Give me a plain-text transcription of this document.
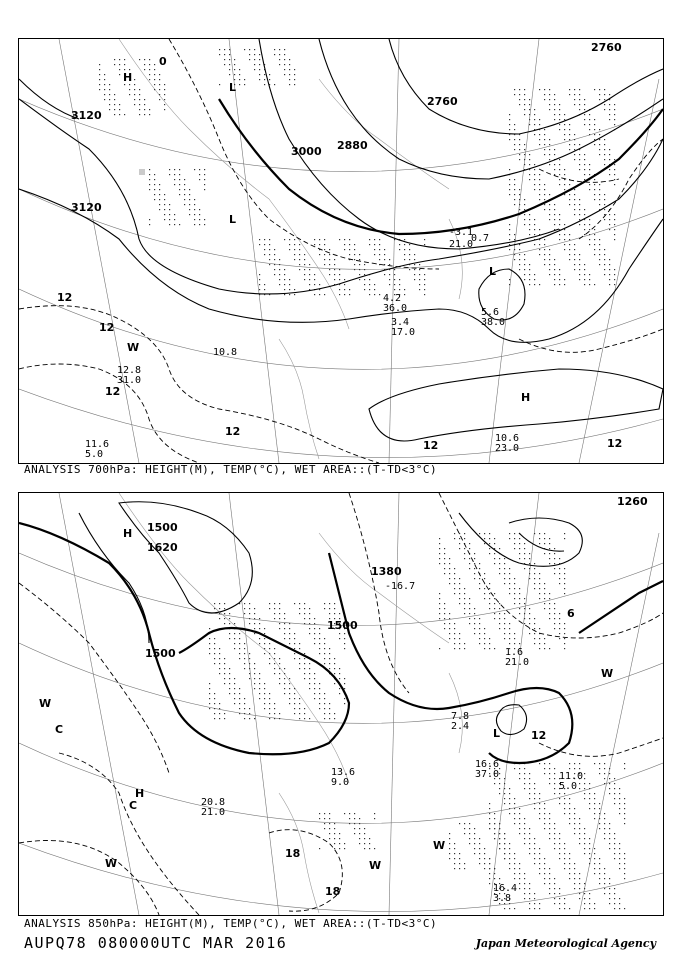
3120
3120
3000 2880
2760
2760
12
12
12
12
12	12
0
H
L
L
L
W
H
-3.1
21.0
0.7
4.2
36.0
3.4
17.0
5.6
38.0
10.6
23.0
11.6
5.0
10.8
12.8
31.0
ANALYSIS 700hPa: HEIGHT(M), TEMP(°C), WET AREA::(T-TD<3°C)
1500
1620
1500
1500
1380
1260
18
18
12
6
H
H
C
C
W
W
L
W
W
W
-16.7
1.6
21.0
20.8
21.0
7.8
2.4
16.6
37.0
16.4
3.8
13.6
9.0
11.0
5.0
ANALYSIS 850hPa: HEIGHT(M), TEMP(°C), WET AREA::(T-TD<3°C)
AUPQ78 080000UTC MAR 2016	Japan Meteorological Agency
